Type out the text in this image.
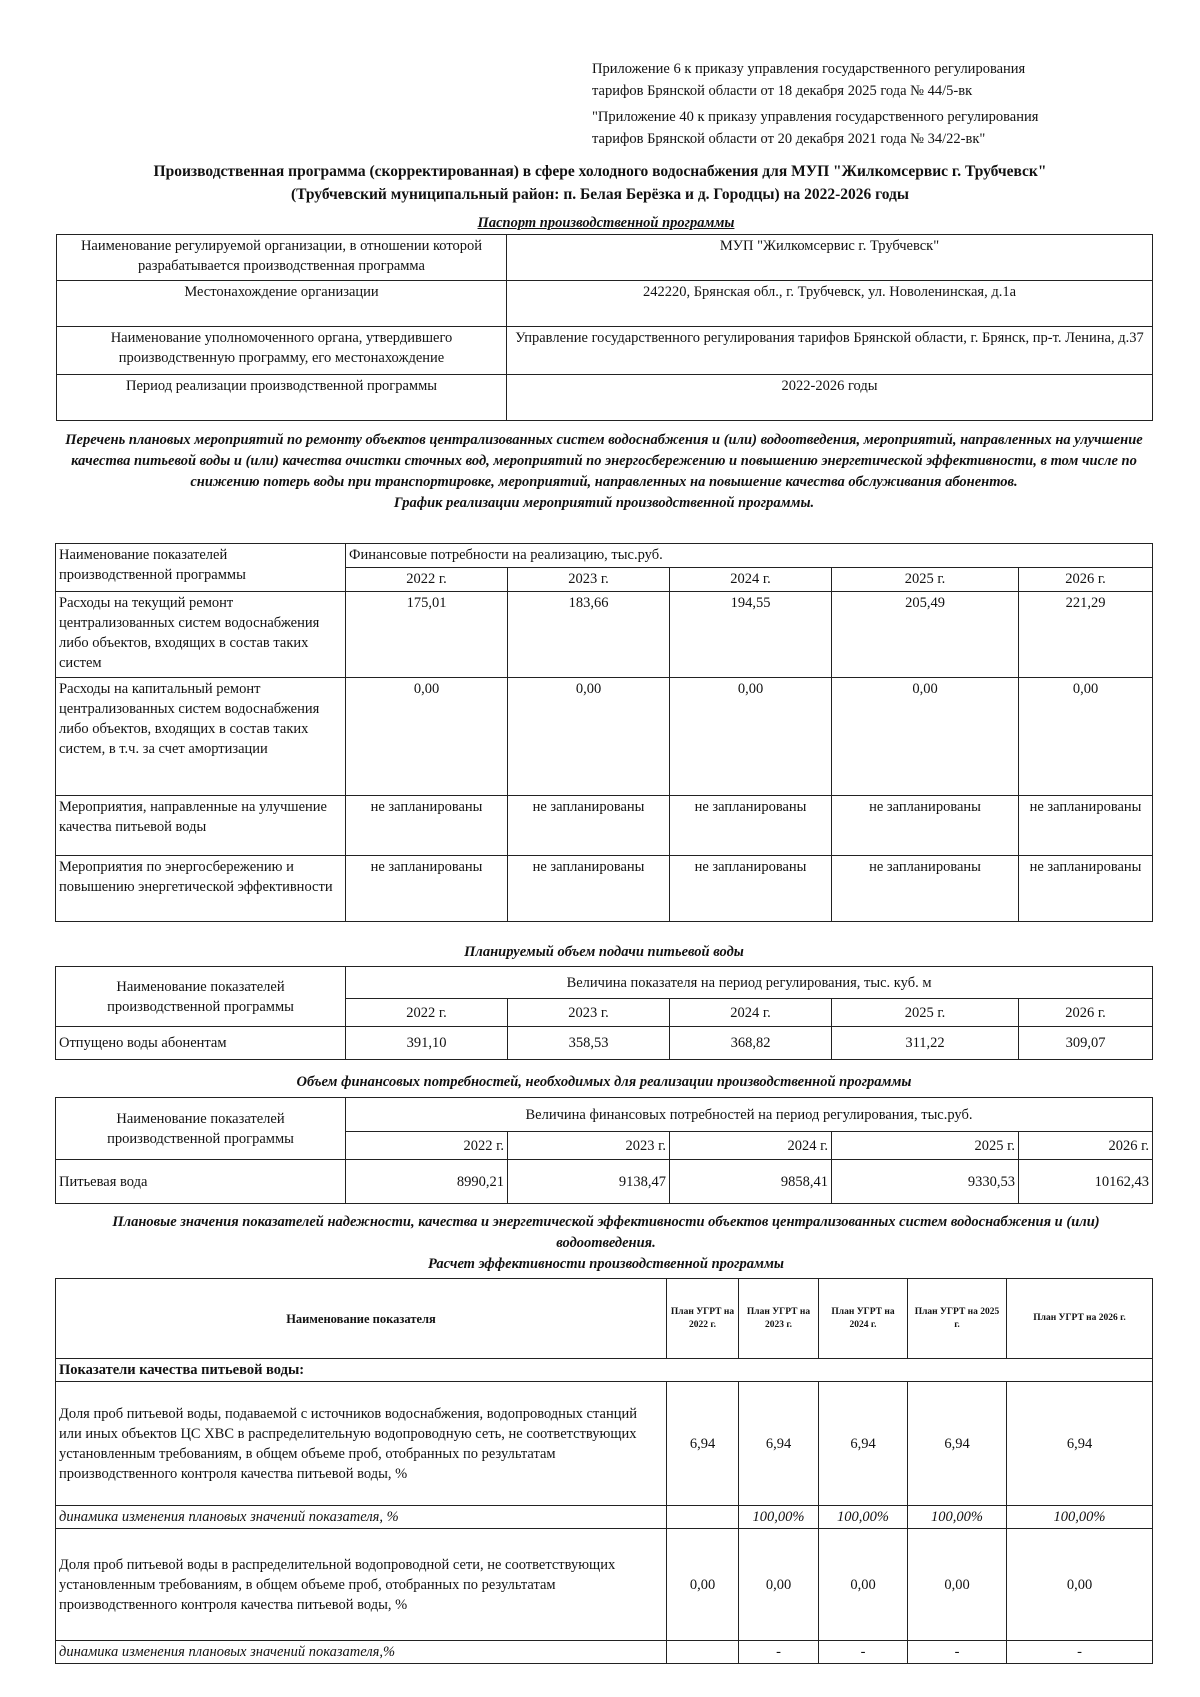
Приложение 6 к приказу управления государственного регулирования
тарифов Брянской области от 18 декабря 2025 года № 44/5-вк
"Приложение 40 к приказу управления государственного регулирования
тарифов Брянской области от 20 декабря 2021 года № 34/22-вк"
Производственная программа (скорректированная) в сфере холодного водоснабжения для МУП "Жилкомсервис г. Трубчевск"
(Трубчевский муниципальный район: п. Белая Берёзка и д. Городцы) на 2022-2026 годы
Паспорт производственной программы
Наименование регулируемой организации, в отношении которой разрабатывается производственная программа	МУП "Жилкомсервис г. Трубчевск"
Местонахождение организации	242220, Брянская обл., г. Трубчевск, ул. Новоленинская, д.1а
Наименование уполномоченного органа, утвердившего производственную программу, его местонахождение	Управление государственного регулирования тарифов Брянской области, г. Брянск, пр-т. Ленина, д.37
Период реализации производственной программы	2022-2026 годы
Перечень плановых мероприятий по ремонту объектов централизованных систем водоснабжения и (или) водоотведения, мероприятий, направленных на улучшение качества питьевой воды и (или) качества очистки сточных вод, мероприятий по энергосбережению и повышению энергетической эффективности, в том числе по снижению потерь воды при транспортировке, мероприятий, направленных на повышение качества обслуживания абонентов.
График реализации мероприятий производственной программы.
Наименование показателей производственной программы	Финансовые потребности на реализацию, тыс.руб.				
	2022 г.	2023 г.	2024 г.	2025 г.	2026 г.
Расходы на текущий ремонт централизованных систем водоснабжения либо объектов, входящих в состав таких систем	175,01	183,66	194,55	205,49	221,29
Расходы на капитальный ремонт централизованных систем водоснабжения либо объектов, входящих в состав таких систем, в т.ч. за счет амортизации	0,00	0,00	0,00	0,00	0,00
Мероприятия, направленные на улучшение качества питьевой воды	не запланированы	не запланированы	не запланированы	не запланированы	не запланированы
Мероприятия по энергосбережению и повышению энергетической эффективности	не запланированы	не запланированы	не запланированы	не запланированы	не запланированы
Планируемый объем подачи питьевой воды
Наименование показателей производственной программы	Величина показателя на период регулирования, тыс. куб. м				
	2022 г.	2023 г.	2024 г.	2025 г.	2026 г.
Отпущено воды абонентам	391,10	358,53	368,82	311,22	309,07
Объем финансовых потребностей, необходимых для реализации производственной программы
Наименование показателей производственной программы	Величина финансовых потребностей на период регулирования, тыс.руб.				
	2022 г.	2023 г.	2024 г.	2025 г.	2026 г.
Питьевая вода	8990,21	9138,47	9858,41	9330,53	10162,43
Плановые значения показателей надежности, качества и энергетической эффективности объектов централизованных систем водоснабжения и (или) водоотведения.
Расчет эффективности производственной программы
Наименование показателя	План УГРТ на 2022 г.	План УГРТ на 2023 г.	План УГРТ на 2024 г.	План УГРТ на 2025 г.	План УГРТ на 2026 г.
Показатели качества питьевой воды:					
Доля проб питьевой воды, подаваемой с источников водоснабжения, водопроводных станций или иных объектов ЦС ХВС в распределительную водопроводную сеть, не соответствующих установленным требованиям, в общем объеме проб, отобранных по результатам производственного контроля качества питьевой воды, %	6,94	6,94	6,94	6,94	6,94
динамика изменения плановых значений показателя, %		100,00%	100,00%	100,00%	100,00%
Доля проб питьевой воды в распределительной водопроводной сети, не соответствующих установленным требованиям, в общем объеме проб, отобранных по результатам производственного контроля качества питьевой воды, %	0,00	0,00	0,00	0,00	0,00
динамика изменения плановых значений показателя,%		-	-	-	-
